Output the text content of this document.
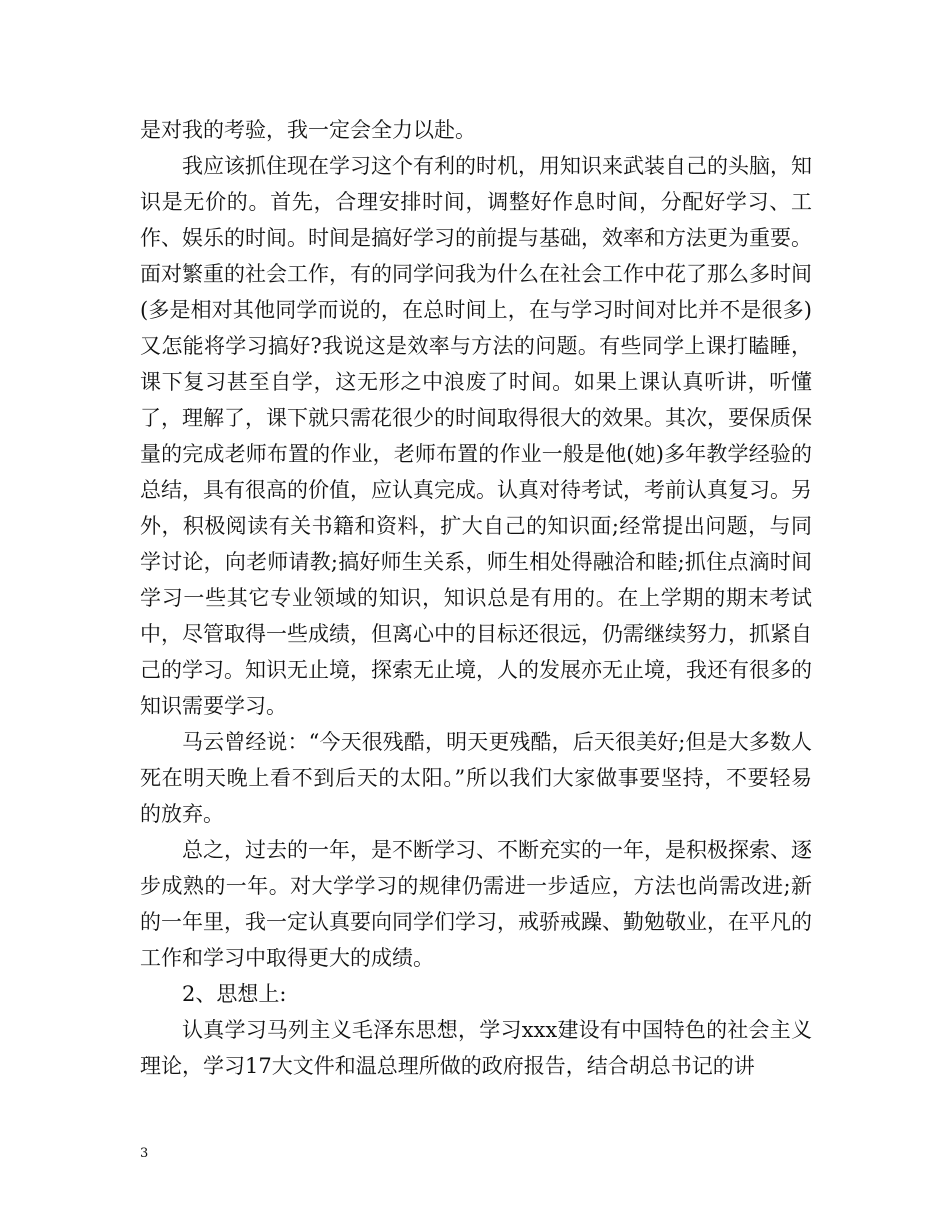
是对我的考验，我一定会全力以赴。

我应该抓住现在学习这个有利的时机，用知识来武装自己的头脑，知识是无价的。首先，合理安排时间，调整好作息时间，分配好学习、工作、娱乐的时间。时间是搞好学习的前提与基础，效率和方法更为重要。面对繁重的社会工作，有的同学问我为什么在社会工作中花了那么多时间(多是相对其他同学而说的，在总时间上，在与学习时间对比并不是很多)又怎能将学习搞好?我说这是效率与方法的问题。有些同学上课打瞌睡，课下复习甚至自学，这无形之中浪废了时间。如果上课认真听讲，听懂了，理解了，课下就只需花很少的时间取得很大的效果。其次，要保质保量的完成老师布置的作业，老师布置的作业一般是他(她)多年教学经验的总结，具有很高的价值，应认真完成。认真对待考试，考前认真复习。另外，积极阅读有关书籍和资料，扩大自己的知识面;经常提出问题，与同学讨论，向老师请教;搞好师生关系，师生相处得融洽和睦;抓住点滴时间学习一些其它专业领域的知识，知识总是有用的。在上学期的期末考试中，尽管取得一些成绩，但离心中的目标还很远，仍需继续努力，抓紧自己的学习。知识无止境，探索无止境，人的发展亦无止境，我还有很多的知识需要学习。

马云曾经说：“今天很残酷，明天更残酷，后天很美好;但是大多数人死在明天晚上看不到后天的太阳。”所以我们大家做事要坚持，不要轻易的放弃。

总之，过去的一年，是不断学习、不断充实的一年，是积极探索、逐步成熟的一年。对大学学习的规律仍需进一步适应，方法也尚需改进;新的一年里，我一定认真要向同学们学习，戒骄戒躁、勤勉敬业，在平凡的工作和学习中取得更大的成绩。

2、思想上:

认真学习马列主义毛泽东思想，学习xxx建设有中国特色的社会主义理论，学习17大文件和温总理所做的政府报告，结合胡总书记的讲

3
